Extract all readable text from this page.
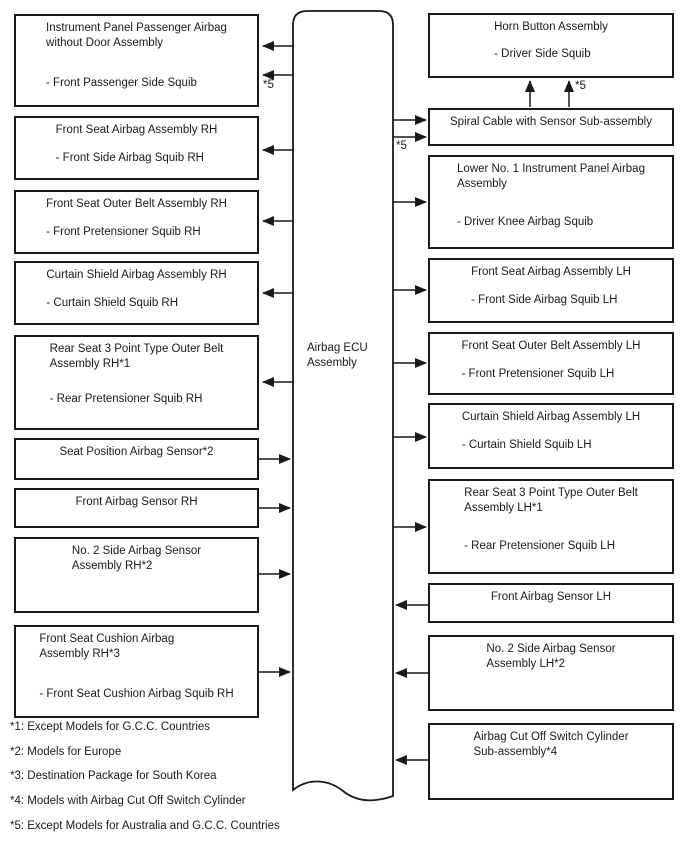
Airbag ECU
Assembly
Instrument Panel Passenger Airbag
without Door Assembly
- Front Passenger Side Squib
Front Seat Airbag Assembly RH
- Front Side Airbag Squib RH
Front Seat Outer Belt Assembly RH
- Front Pretensioner Squib RH
Curtain Shield Airbag Assembly RH
- Curtain Shield Squib RH
Rear Seat 3 Point Type Outer Belt
Assembly RH*1
- Rear Pretensioner Squib RH
Seat Position Airbag Sensor*2
Front Airbag Sensor RH
No. 2 Side Airbag Sensor
Assembly RH*2
Front Seat Cushion Airbag
Assembly RH*3
- Front Seat Cushion Airbag Squib RH
Horn Button Assembly
- Driver Side Squib
Spiral Cable with Sensor Sub-assembly
Lower No. 1 Instrument Panel Airbag
Assembly
- Driver Knee Airbag Squib
Front Seat Airbag Assembly LH
- Front Side Airbag Squib LH
Front Seat Outer Belt Assembly LH
- Front Pretensioner Squib LH
Curtain Shield Airbag Assembly LH
- Curtain Shield Squib LH
Rear Seat 3 Point Type Outer Belt
Assembly LH*1
- Rear Pretensioner Squib LH
Front Airbag Sensor LH
No. 2 Side Airbag Sensor
Assembly LH*2
Airbag Cut Off Switch Cylinder
Sub-assembly*4
*5
*5
*5
*1: Except Models for G.C.C. Countries
*2: Models for Europe
*3: Destination Package for South Korea
*4: Models with Airbag Cut Off Switch Cylinder
*5: Except Models for Australia and G.C.C. Countries
